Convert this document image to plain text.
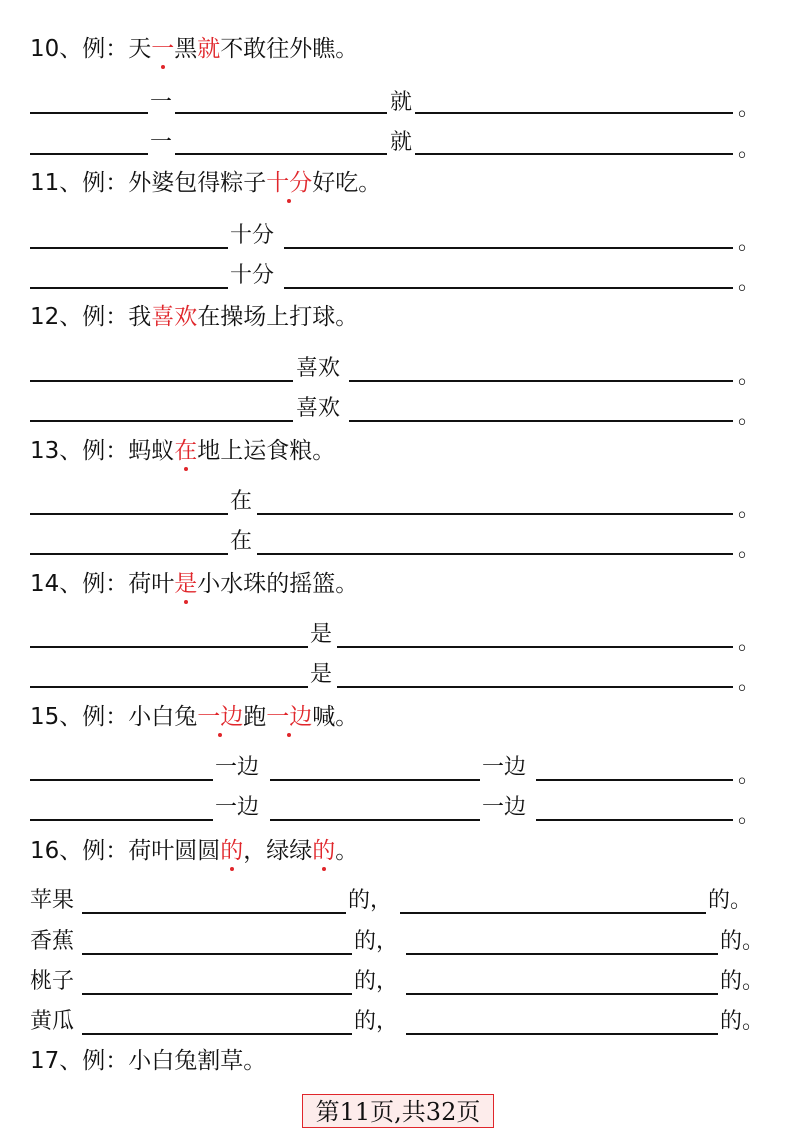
10、例：天一黑就不敢往外瞧。
一	就	。
一	就	。
11、例：外婆包得粽子十分好吃。
十分	。
十分	。
12、例：我喜欢在操场上打球。
喜欢	。
喜欢	。
13、例：蚂蚁在地上运食粮。
在	。
在	。
14、例：荷叶是小水珠的摇篮。
是	。
是	。
15、例：小白兔一边跑一边喊。
一边	一边	。
一边	一边	。
16、例：荷叶圆圆的，绿绿的。
苹果	的，	的。
香蕉	的，	的。
桃子	的，	的。
黄瓜	的，	的。
17、例：小白兔割草。
第11页,共32页
